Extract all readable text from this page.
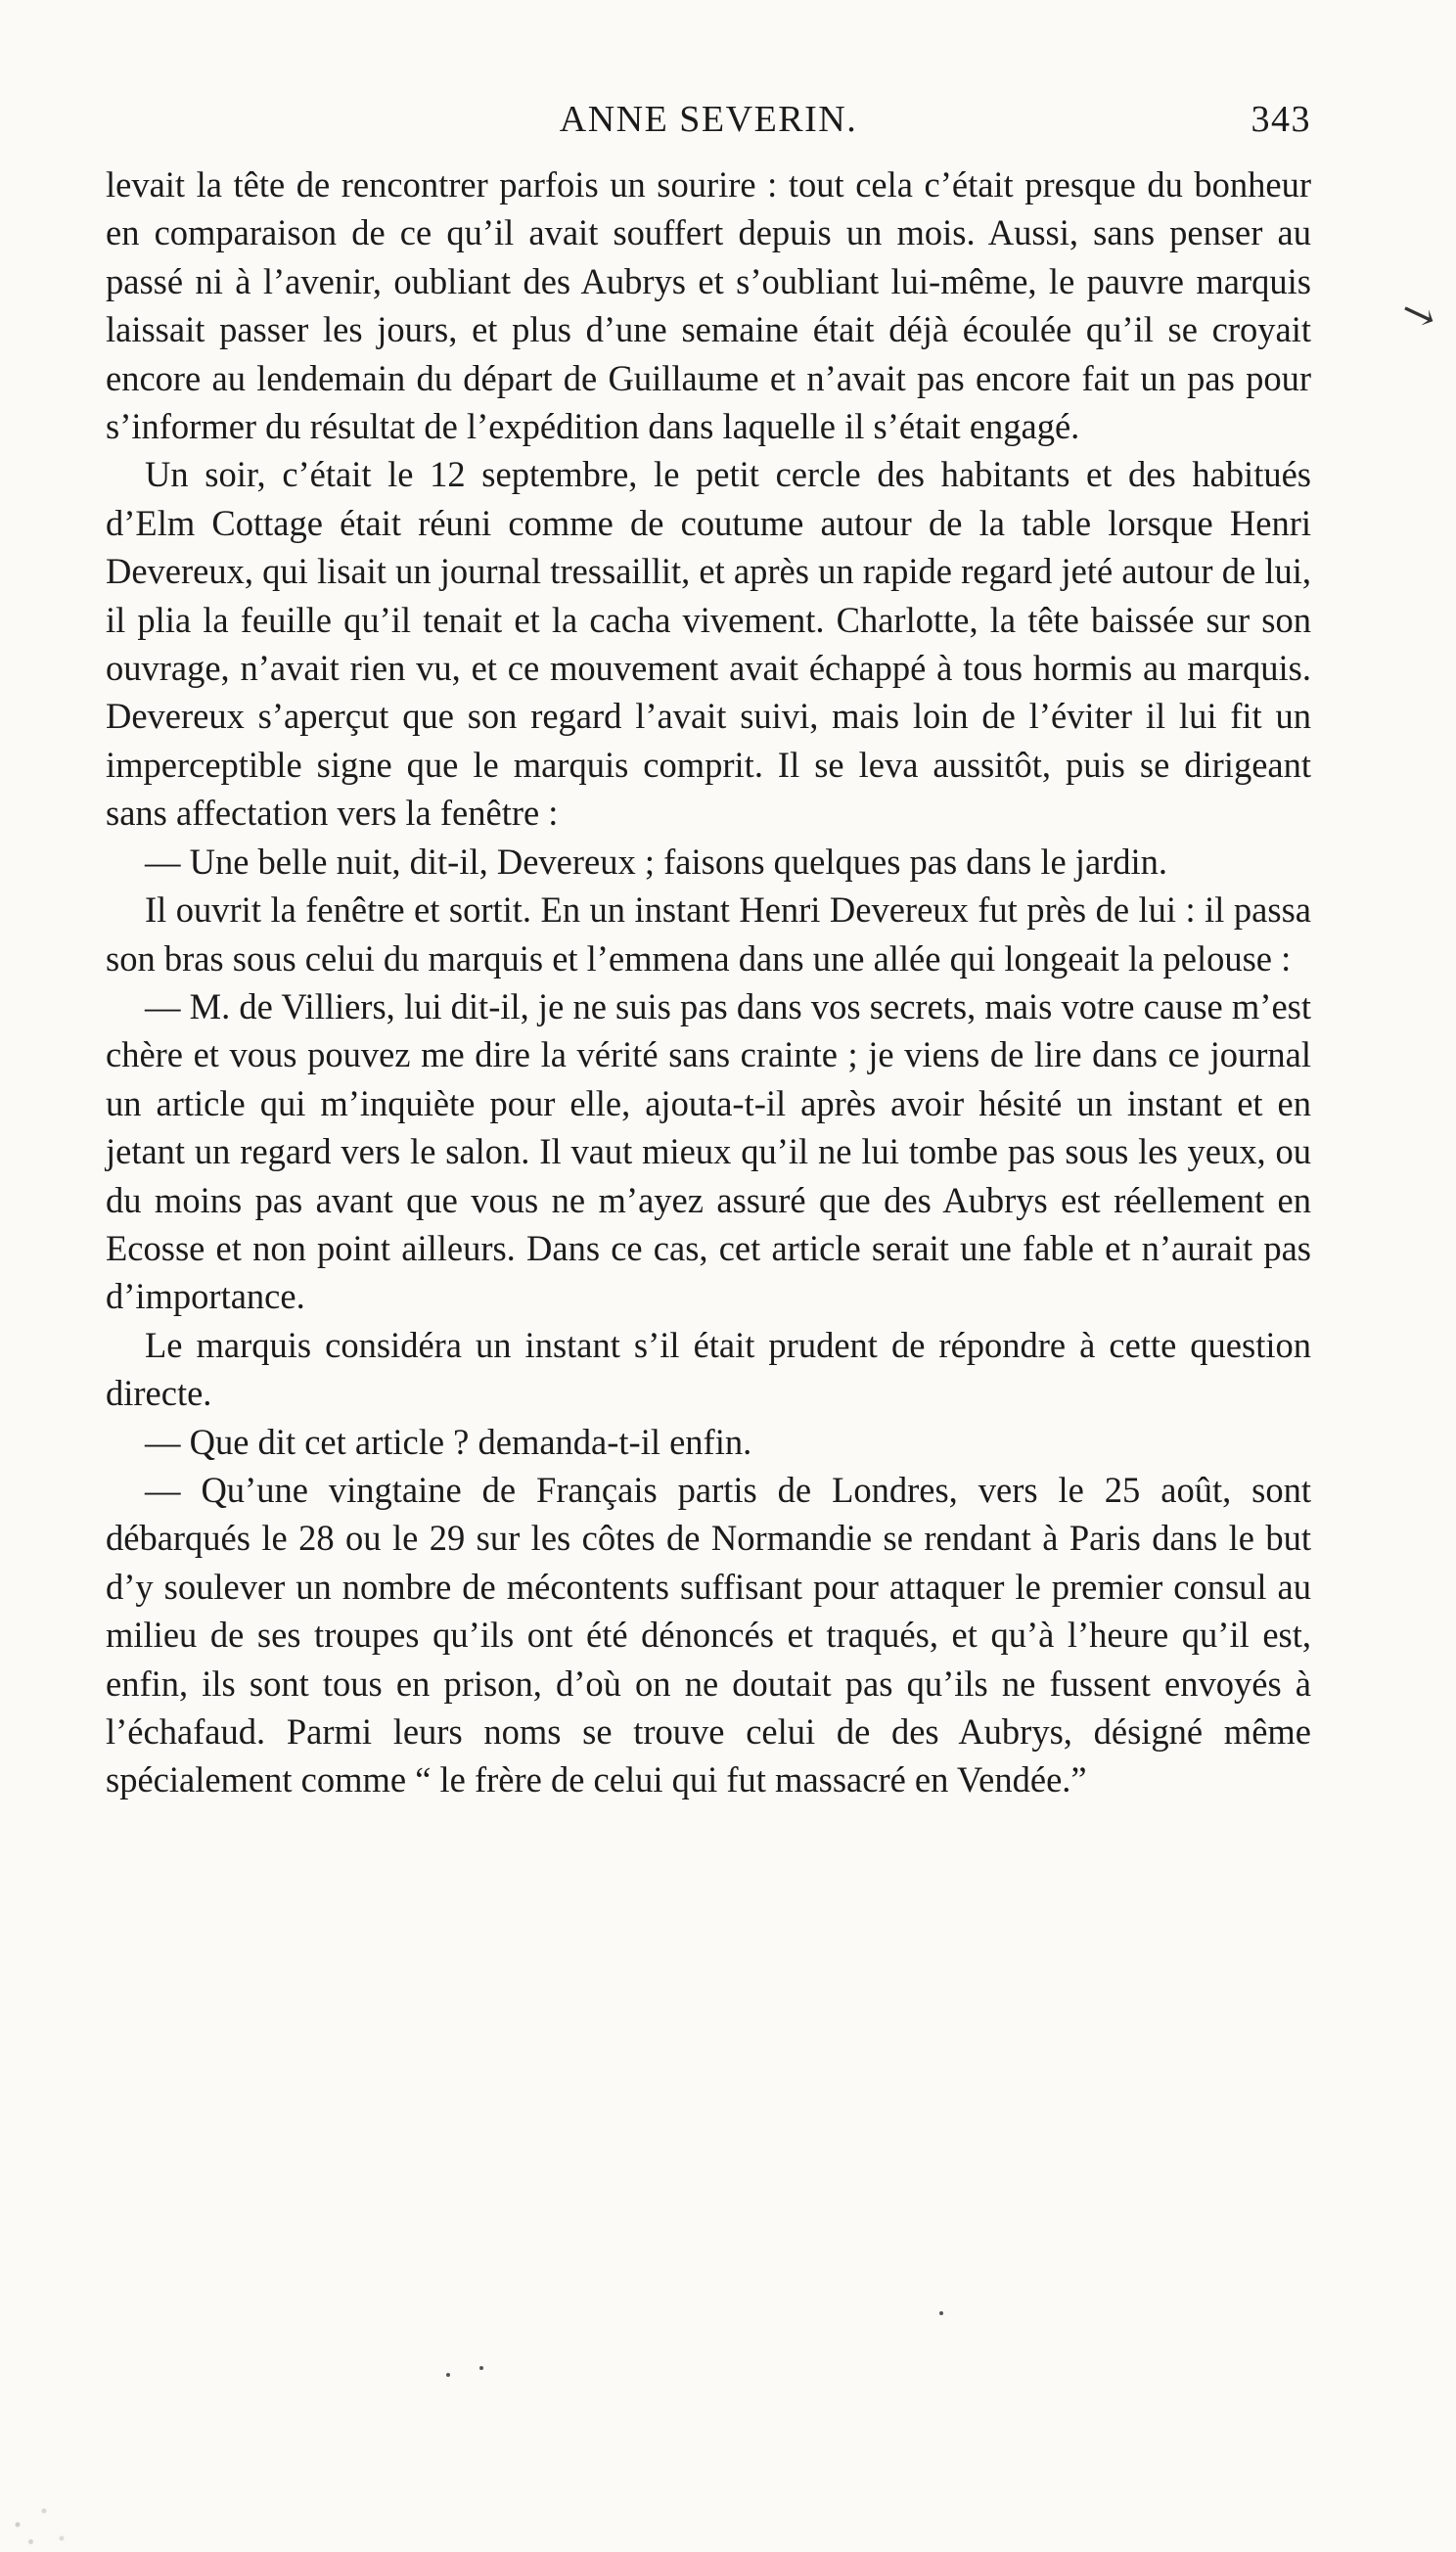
ANNE SEVERIN.	343

levait la tête de rencontrer parfois un sourire : tout cela c’était presque du bonheur en comparaison de ce qu’il avait souffert depuis un mois. Aussi, sans penser au passé ni à l’avenir, oubliant des Aubrys et s’oubliant lui-même, le pauvre marquis laissait passer les jours, et plus d’une semaine était déjà écoulée qu’il se croyait encore au lendemain du départ de Guillaume et n’avait pas encore fait un pas pour s’informer du résultat de l’expédition dans laquelle il s’était engagé.

Un soir, c’était le 12 septembre, le petit cercle des habitants et des habitués d’Elm Cottage était réuni comme de coutume autour de la table lorsque Henri Devereux, qui lisait un journal tressaillit, et après un rapide regard jeté autour de lui, il plia la feuille qu’il tenait et la cacha vivement. Charlotte, la tête baissée sur son ouvrage, n’avait rien vu, et ce mouvement avait échappé à tous hormis au marquis. Devereux s’aperçut que son regard l’avait suivi, mais loin de l’éviter il lui fit un imperceptible signe que le marquis comprit. Il se leva aussitôt, puis se dirigeant sans affectation vers la fenêtre :

— Une belle nuit, dit-il, Devereux ; faisons quelques pas dans le jardin.

Il ouvrit la fenêtre et sortit. En un instant Henri Devereux fut près de lui : il passa son bras sous celui du marquis et l’emmena dans une allée qui longeait la pelouse :

— M. de Villiers, lui dit-il, je ne suis pas dans vos secrets, mais votre cause m’est chère et vous pouvez me dire la vérité sans crainte ; je viens de lire dans ce journal un article qui m’inquiète pour elle, ajouta-t-il après avoir hésité un instant et en jetant un regard vers le salon. Il vaut mieux qu’il ne lui tombe pas sous les yeux, ou du moins pas avant que vous ne m’ayez assuré que des Aubrys est réellement en Ecosse et non point ailleurs. Dans ce cas, cet article serait une fable et n’aurait pas d’importance.

Le marquis considéra un instant s’il était prudent de répondre à cette question directe.

— Que dit cet article ? demanda-t-il enfin.

— Qu’une vingtaine de Français partis de Londres, vers le 25 août, sont débarqués le 28 ou le 29 sur les côtes de Normandie se rendant à Paris dans le but d’y soulever un nombre de mécontents suffisant pour attaquer le premier consul au milieu de ses troupes qu’ils ont été dénoncés et traqués, et qu’à l’heure qu’il est, enfin, ils sont tous en prison, d’où on ne doutait pas qu’ils ne fussent envoyés à l’échafaud. Parmi leurs noms se trouve celui de des Aubrys, désigné même spécialement comme “ le frère de celui qui fut massacré en Vendée.”

↘
